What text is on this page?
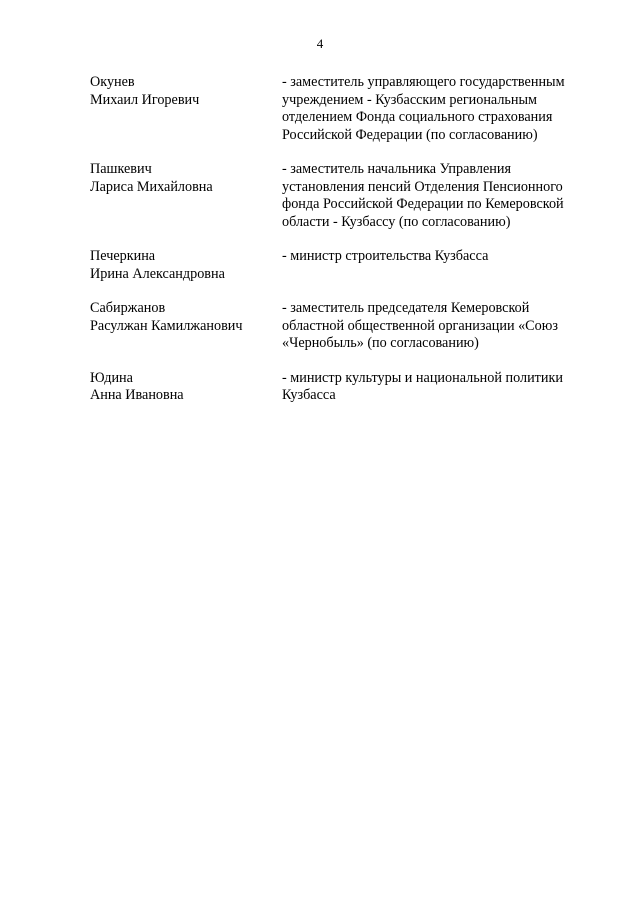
4
Окунев
Михаил Игоревич
- заместитель управляющего государственным
учреждением - Кузбасским региональным
отделением Фонда социального страхования
Российской Федерации (по согласованию)
Пашкевич
Лариса Михайловна
- заместитель начальника Управления
установления пенсий Отделения Пенсионного
фонда Российской Федерации по Кемеровской
области - Кузбассу (по согласованию)
Печеркина
Ирина Александровна
- министр строительства Кузбасса
Сабиржанов
Расулжан Камилжанович
- заместитель председателя Кемеровской
областной общественной организации «Союз
«Чернобыль» (по согласованию)
Юдина
Анна Ивановна
- министр культуры и национальной политики
Кузбасса
